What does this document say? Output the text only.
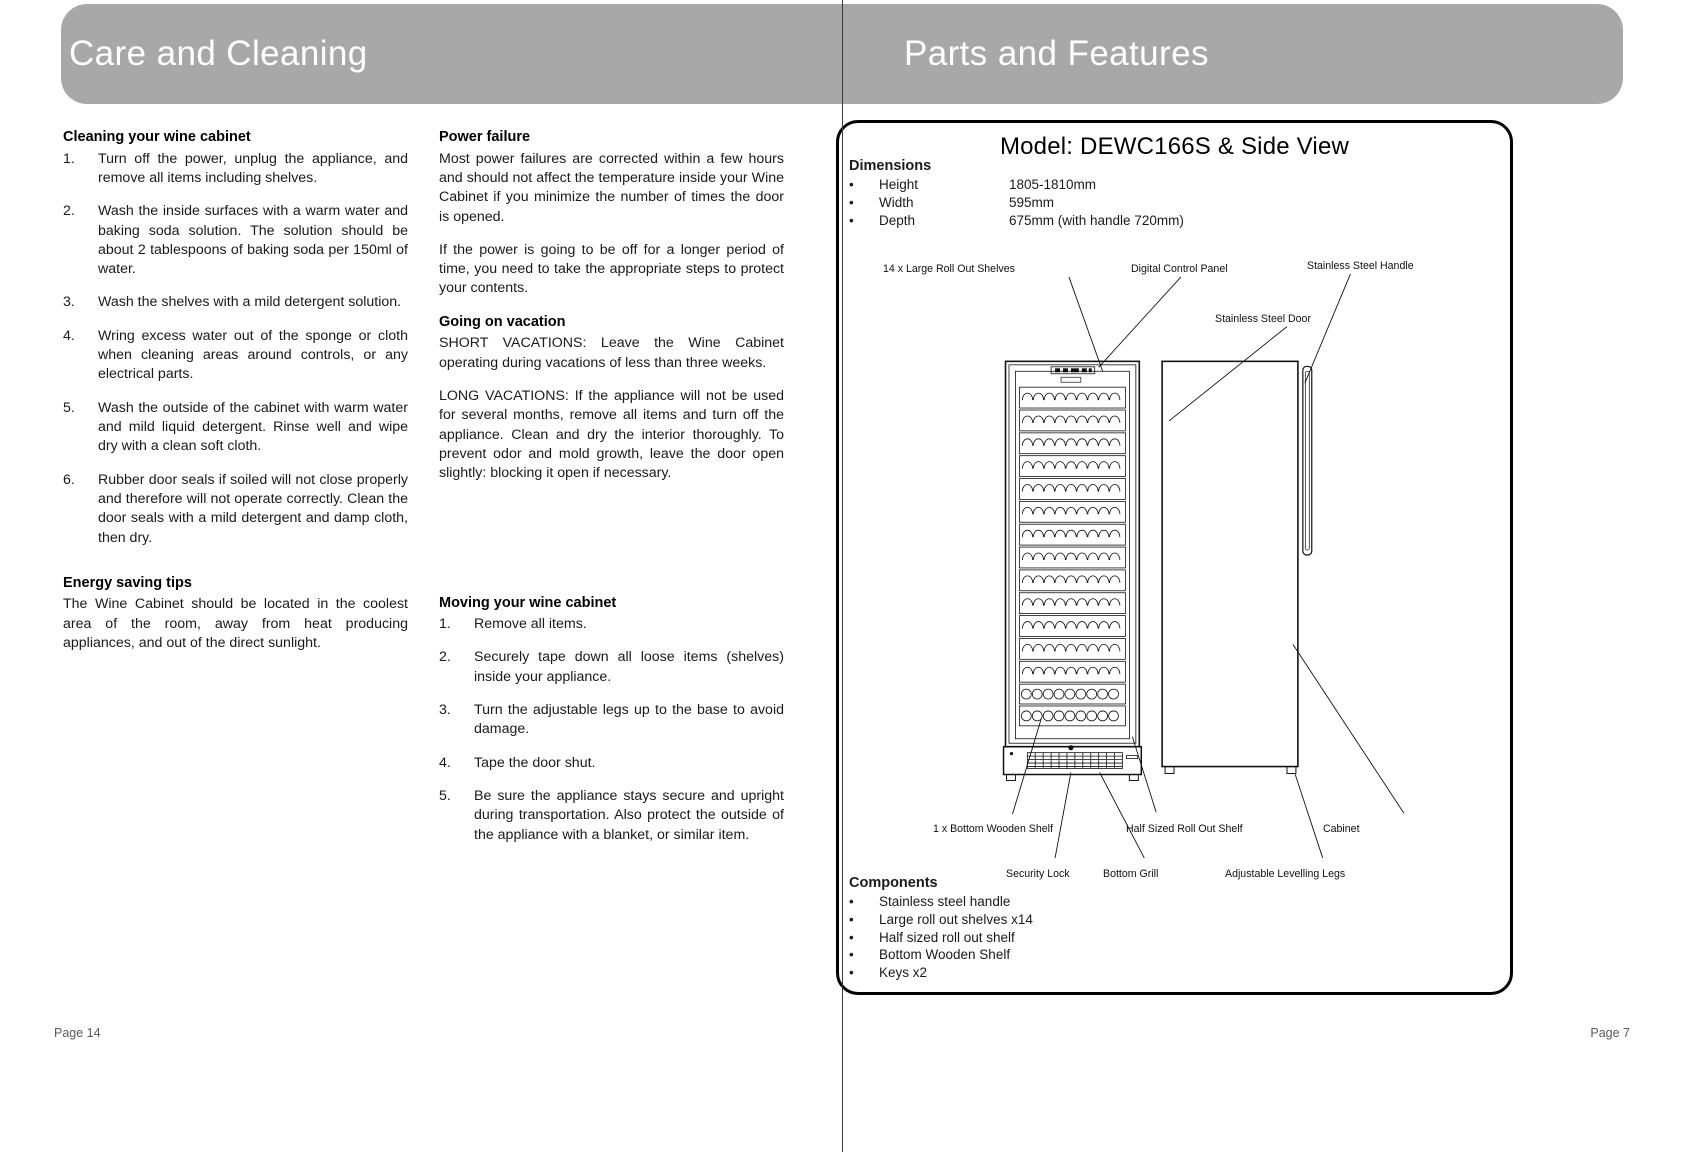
Care and Cleaning
Cleaning your wine cabinet
1.	Turn off the power, unplug the appliance, and remove all items including shelves.
2.	Wash the inside surfaces with a warm water and baking soda solution. The solution should be about 2 tablespoons of baking soda per 150ml of water.
3.	Wash the shelves with a mild detergent solution.
4.	Wring excess water out of the sponge or cloth when cleaning areas around controls, or any electrical parts.
5.	Wash the outside of the cabinet with warm water and mild liquid detergent. Rinse well and wipe dry with a clean soft cloth.
6.	Rubber door seals if soiled will not close properly and therefore will not operate correctly. Clean the door seals with a mild detergent and damp cloth, then dry.
Energy saving tips

The Wine Cabinet should be located in the coolest area of the room, away from heat producing appliances, and out of the direct sunlight.

Power failure

Most power failures are corrected within a few hours and should not affect the temperature inside your Wine Cabinet if you minimize the number of times the door is opened.

If the power is going to be off for a longer period of time, you need to take the appropriate steps to protect your contents.

Going on vacation

SHORT VACATIONS: Leave the Wine Cabinet operating during vacations of less than three weeks.

LONG VACATIONS: If the appliance will not be used for several months, remove all items and turn off the appliance. Clean and dry the interior thoroughly. To prevent odor and mold growth, leave the door open slightly: blocking it open if necessary.

Moving your wine cabinet
1.	Remove all items.
2.	Securely tape down all loose items (shelves) inside your appliance.
3.	Turn the adjustable legs up to the base to avoid damage.
4.	Tape the door shut.
5.	Be sure the appliance stays secure and upright during transportation. Also protect the outside of the appliance with a blanket, or similar item.
Page 14
Parts and Features
Page 7
Model: DEWC166S & Side View
Dimensions
•	Height	1805-1810mm
•	Width	595mm
•	Depth	675mm (with handle 720mm)
14 x Large Roll Out Shelves	Digital Control Panel	Stainless Steel Handle
Stainless Steel Door
1 x Bottom Wooden Shelf	Half Sized Roll Out Shelf	Cabinet
Security Lock	Bottom Grill	Adjustable Levelling Legs
Components
•	Stainless steel handle
•	Large roll out shelves x14
•	Half sized roll out shelf
•	Bottom Wooden Shelf
•	Keys x2
